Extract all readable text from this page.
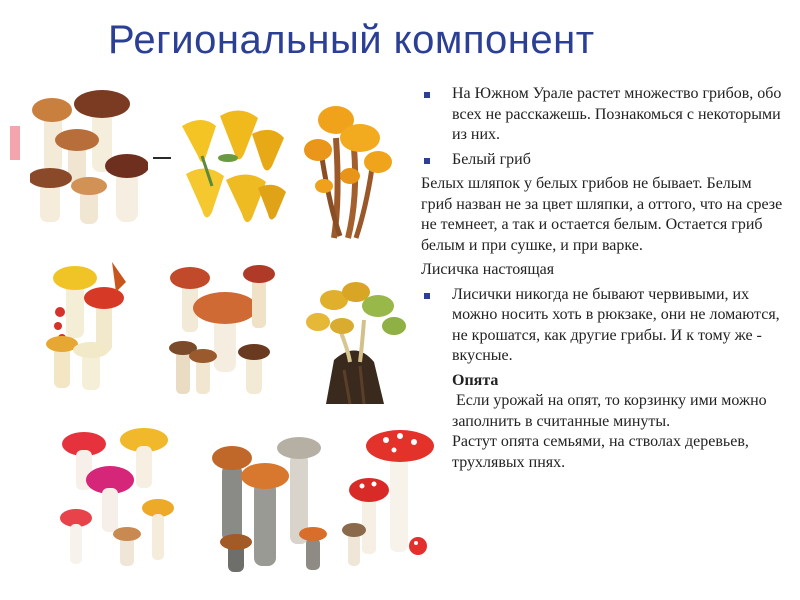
Региональный компонент
На Южном Урале растет множество грибов, обо всех не расскажешь. Познакомься с некоторыми из них.
Белый гриб
Белых шляпок у белых грибов не бывает. Белым гриб назван не за цвет шляпки, а оттого, что на срезе не темнеет, а так и остается белым. Остается гриб белым и при сушке, и при варке.
Лисичка настоящая
Лисички никогда не бывают червивыми, их можно носить хоть в рюкзаке, они не ломаются, не крошатся, как другие грибы. И к тому же - вкусные.
Опята
Если урожай на опят, то корзинку ими можно заполнить в считанные минуты.
Растут опята семьями, на стволах деревьев, трухлявых пнях.
